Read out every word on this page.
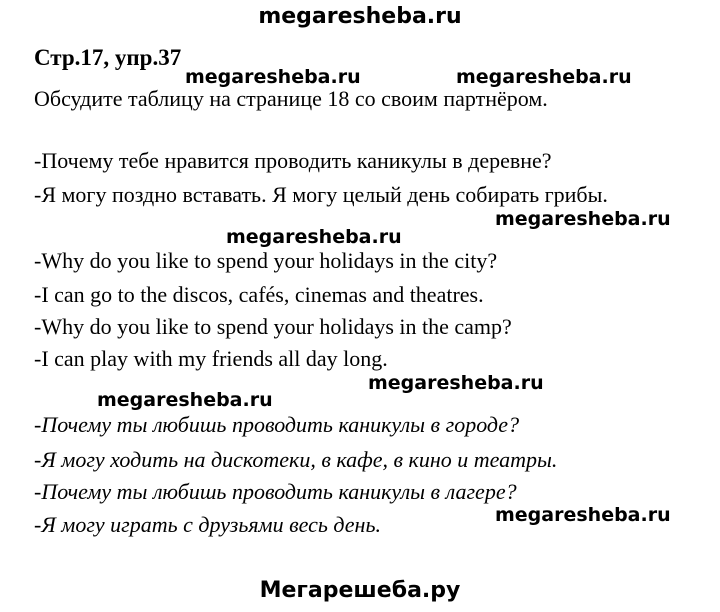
megaresheba.ru
Стр.17, упр.37
Обсудите таблицу на странице 18 со своим партнёром.
-Почему тебе нравится проводить каникулы в деревне?
-Я могу поздно вставать. Я могу целый день собирать грибы.
-Why do you like to spend your holidays in the city?
-I can go to the discos, cafés, cinemas and theatres.
-Why do you like to spend your holidays in the camp?
-I can play with my friends all day long.
-Почему ты любишь проводить каникулы в городе?
-Я могу ходить на дискотеки, в кафе, в кино и театры.
-Почему ты любишь проводить каникулы в лагере?
-Я могу играть с друзьями весь день.
megaresheba.ru	megaresheba.ru
megaresheba.ru
megaresheba.ru
megaresheba.ru
megaresheba.ru
megaresheba.ru
Мегарешеба.ру
